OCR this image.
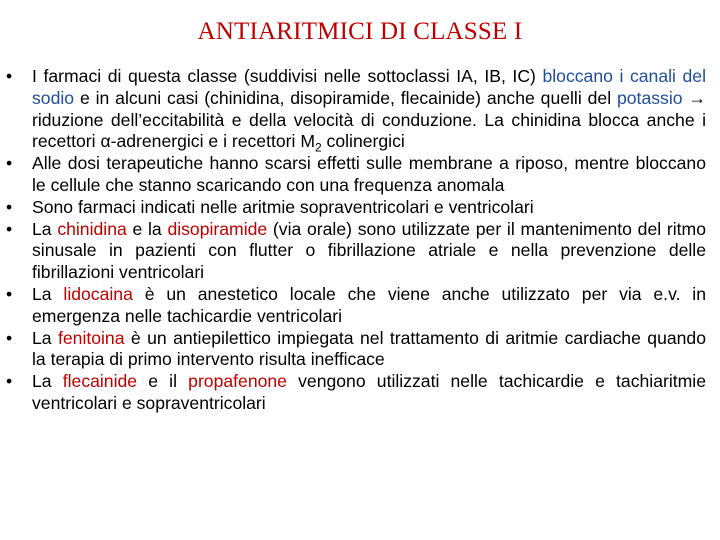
ANTIARITMICI DI CLASSE I
•	I farmaci di questa classe (suddivisi nelle sottoclassi IA, IB, IC) bloccano i canali del sodio e in alcuni casi (chinidina, disopiramide, flecainide) anche quelli del potassio → riduzione dell’eccitabilità e della velocità di conduzione. La chinidina blocca anche i recettori α-adrenergici e i recettori $M_2$ colinergici
•	Alle dosi terapeutiche hanno scarsi effetti sulle membrane a riposo, mentre bloccano le cellule che stanno scaricando con una frequenza anomala
•	Sono farmaci indicati nelle aritmie sopraventricolari e ventricolari
•	La chinidina e la disopiramide (via orale) sono utilizzate per il mantenimento del ritmo sinusale in pazienti con flutter o fibrillazione atriale e nella prevenzione delle fibrillazioni ventricolari
•	La lidocaina è un anestetico locale che viene anche utilizzato per via e.v. in emergenza nelle tachicardie ventricolari
•	La fenitoina è un antiepilettico impiegata nel trattamento di aritmie cardiache quando la terapia di primo intervento risulta inefficace
•	La flecainide e il propafenone vengono utilizzati nelle tachicardie e tachiaritmie ventricolari e sopraventricolari
